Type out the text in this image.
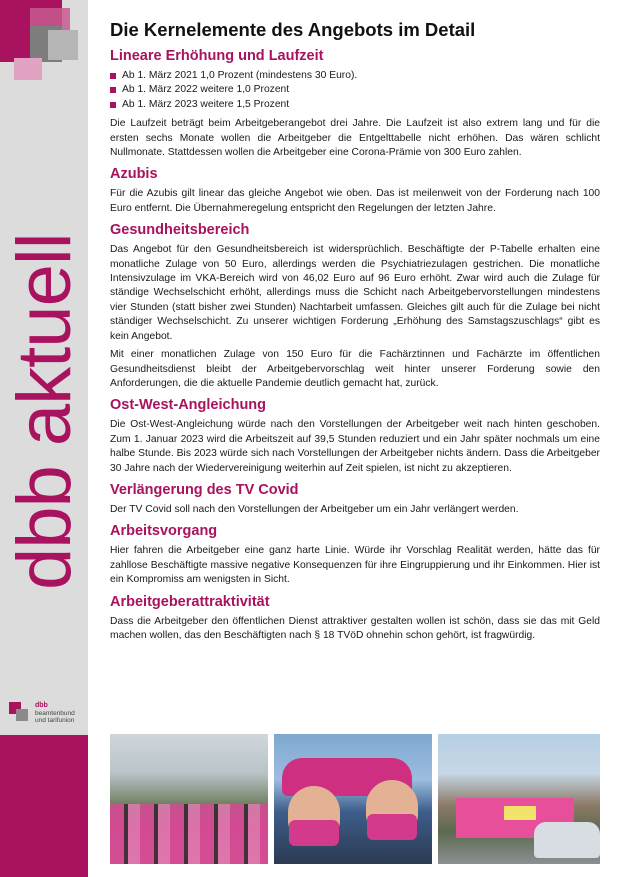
dbb aktuell
dbb
beamtenbund
und tarifunion
Die Kernelemente des Angebots im Detail
Lineare Erhöhung und Laufzeit
Ab 1. März 2021 1,0 Prozent (mindestens 30 Euro).
Ab 1. März 2022 weitere 1,0 Prozent
Ab 1. März 2023 weitere 1,5 Prozent

Die Laufzeit beträgt beim Arbeitgeberangebot drei Jahre. Die Laufzeit ist also extrem lang und für die ersten sechs Monate wollen die Arbeitgeber die Entgelttabelle nicht erhöhen. Das wären schlicht Nullmonate. Stattdessen wollen die Arbeitgeber eine Corona-Prämie von 300 Euro zahlen.

Azubis

Für die Azubis gilt linear das gleiche Angebot wie oben. Das ist meilenweit von der Forderung nach 100 Euro entfernt. Die Übernahmeregelung entspricht den Regelungen der letzten Jahre.

Gesundheitsbereich

Das Angebot für den Gesundheitsbereich ist widersprüchlich. Beschäftigte der P-Tabelle erhalten eine monatliche Zulage von 50 Euro, allerdings werden die Psychiatriezulagen gestrichen. Die monatliche Intensivzulage im VKA-Bereich wird von 46,02 Euro auf 96 Euro erhöht. Zwar wird auch die Zulage für ständige Wechselschicht erhöht, allerdings muss die Schicht nach Arbeitgebervorstellungen mindestens vier Stunden (statt bisher zwei Stunden) Nachtarbeit umfassen. Gleiches gilt auch für die Zulage bei nicht ständiger Wechselschicht. Zu unserer wichtigen Forderung „Erhöhung des Samstagszuschlags“ gibt es kein Angebot.

Mit einer monatlichen Zulage von 150 Euro für die Fachärztinnen und Fachärzte im öffentlichen Gesundheitsdienst bleibt der Arbeitgebervorschlag weit hinter unserer Forderung sowie den Anforderungen, die die aktuelle Pandemie deutlich gemacht hat, zurück.

Ost-West-Angleichung

Die Ost-West-Angleichung würde nach den Vorstellungen der Arbeitgeber weit nach hinten geschoben. Zum 1. Januar 2023 wird die Arbeitszeit auf 39,5 Stunden reduziert und ein Jahr später nochmals um eine halbe Stunde. Bis 2023 würde sich nach Vorstellungen der Arbeitgeber nichts ändern. Dass die Arbeitgeber 30 Jahre nach der Wiedervereinigung weiterhin auf Zeit spielen, ist nicht zu akzeptieren.

Verlängerung des TV Covid

Der TV Covid soll nach den Vorstellungen der Arbeitgeber um ein Jahr verlängert werden.

Arbeitsvorgang

Hier fahren die Arbeitgeber eine ganz harte Linie. Würde ihr Vorschlag Realität werden, hätte das für zahllose Beschäftigte massive negative Konsequenzen für ihre Eingruppierung und ihr Einkommen. Hier ist ein Kompromiss am wenigsten in Sicht.

Arbeitgeberattraktivität

Dass die Arbeitgeber den öffentlichen Dienst attraktiver gestalten wollen ist schön, dass sie das mit Geld machen wollen, das den Beschäftigten nach § 18 TVöD ohnehin schon gehört, ist fragwürdig.
